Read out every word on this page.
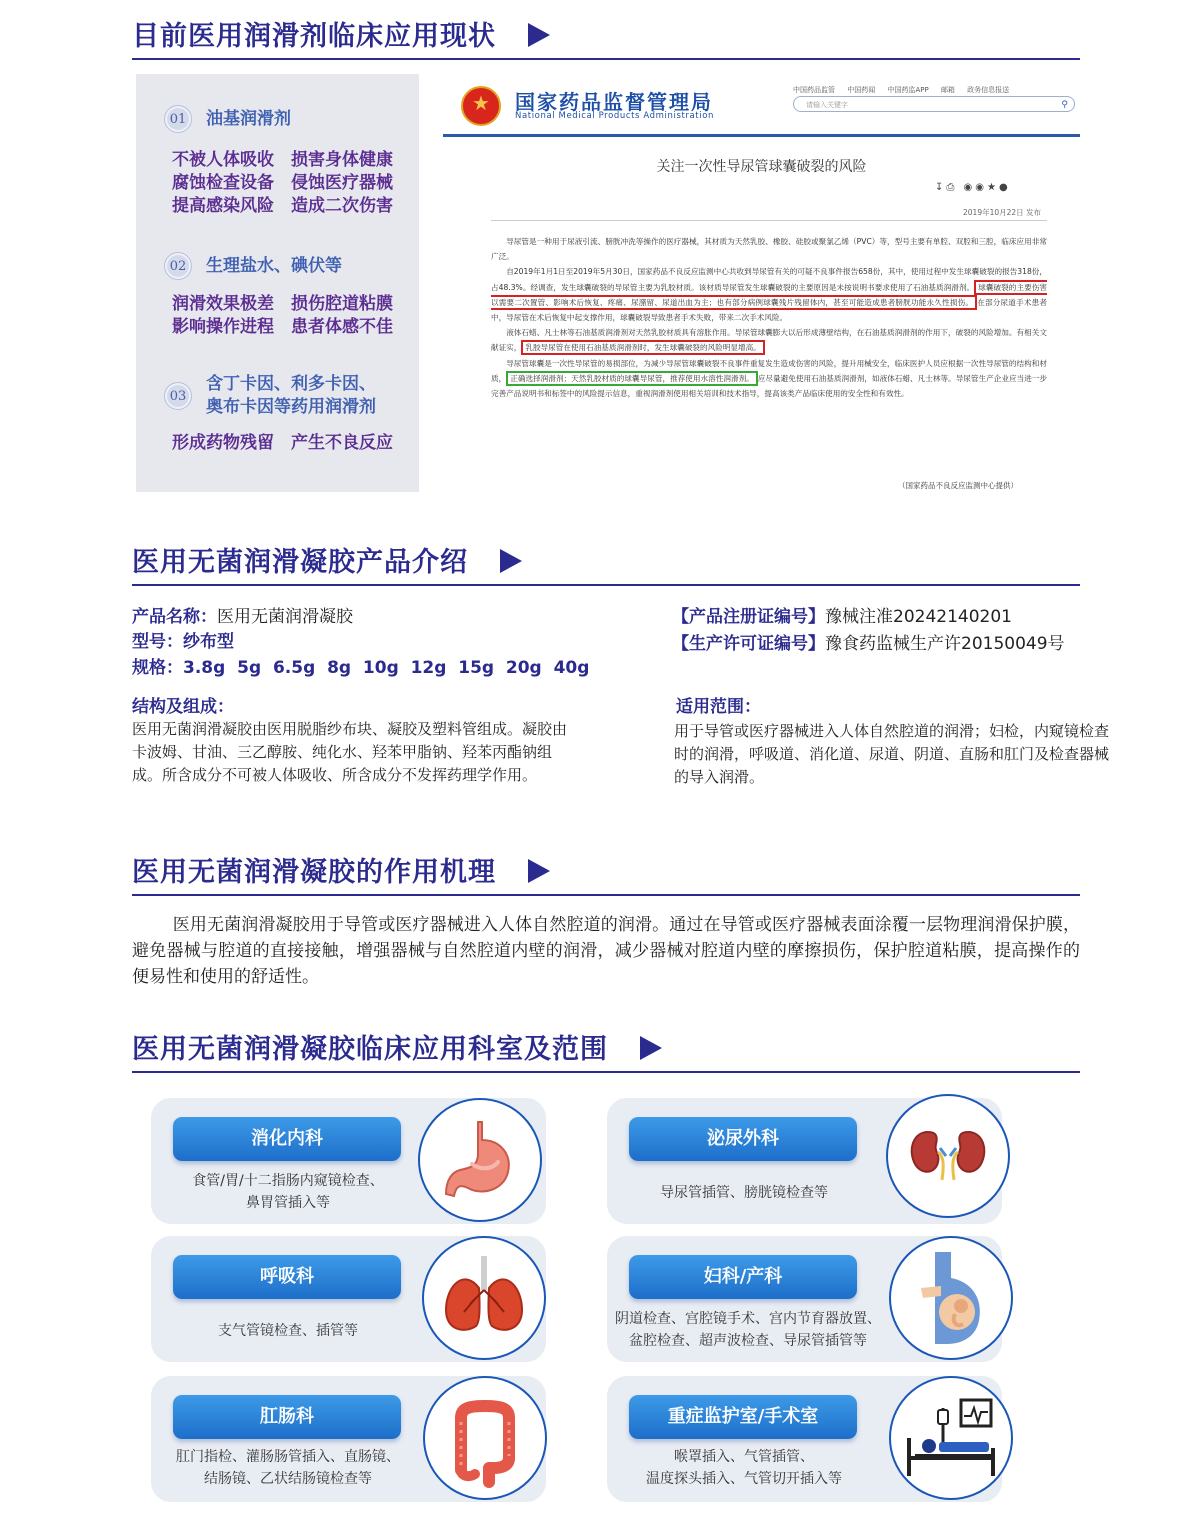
目前医用润滑剂临床应用现状
01	油基润滑剂
不被人体吸收　损害身体健康
腐蚀检查设备　侵蚀医疗器械
提高感染风险　造成二次伤害
02	生理盐水、碘伏等
润滑效果极差　损伤腔道粘膜
影响操作进程　患者体感不佳
03
含丁卡因、利多卡因、
奥布卡因等药用润滑剂
形成药物残留　产生不良反应
★
国家药品监督管理局
National Medical Products Administration
中国药品监管 中国药闻 中国药监APP 邮箱 政务信息报送
请输入关键字	⚲
关注一次性导尿管球囊破裂的风险
↧⎙ ◉◉★●
2019年10月22日 发布

导尿管是一种用于尿液引流、膀胱冲洗等操作的医疗器械，其材质为天然乳胶、橡胶、硅胶或聚氯乙烯（PVC）等，型号主要有单腔、双腔和三腔，临床应用非常广泛。

自2019年1月1日至2019年5月30日，国家药品不良反应监测中心共收到导尿管有关的可疑不良事件报告658份，其中，使用过程中发生球囊破裂的报告318份，占48.3%。经调查，发生球囊破裂的导尿管主要为乳胶材质。该材质导尿管发生球囊破裂的主要原因是未按说明书要求使用了石油基质润滑剂。 球囊破裂的主要伤害以需要二次置管、影响术后恢复、疼痛、尿潴留、尿道出血为主；也有部分病例球囊残片残留体内，甚至可能造成患者膀胱功能永久性损伤。 在部分尿道手术患者中，导尿管在术后恢复中起支撑作用，球囊破裂导致患者手术失败，带来二次手术风险。

液体石蜡、凡士林等石油基质润滑剂对天然乳胶材质具有溶胀作用。导尿管球囊膨大以后形成薄壁结构，在石油基质润滑剂的作用下，破裂的风险增加。有相关文献证实， 乳胶导尿管在使用石油基质润滑剂时，发生球囊破裂的风险明显增高。

导尿管球囊是一次性导尿管的易损部位，为减少导尿管球囊破裂不良事件重复发生造成伤害的风险，提升用械安全，临床医护人员应根据一次性导尿管的结构和材质， 正确选择润滑剂；天然乳胶材质的球囊导尿管，推荐使用水溶性润滑剂。 应尽量避免使用石油基质润滑剂，如液体石蜡、凡士林等。导尿管生产企业应当进一步完善产品说明书和标签中的风险提示信息，重视润滑剂使用相关培训和技术指导，提高该类产品临床使用的安全性和有效性。

（国家药品不良反应监测中心提供）
医用无菌润滑凝胶产品介绍
产品名称：医用无菌润滑凝胶
型号：纱布型
规格：3.8g  5g  6.5g  8g  10g  12g  15g  20g  40g
【产品注册证编号】豫械注准20242140201
【生产许可证编号】豫食药监械生产许20150049号
结构及组成：
医用无菌润滑凝胶由医用脱脂纱布块、凝胶及塑料管组成。凝胶由卡波姆、甘油、三乙醇胺、纯化水、羟苯甲脂钠、羟苯丙酯钠组成。所含成分不可被人体吸收、所含成分不发挥药理学作用。
适用范围：
用于导管或医疗器械进入人体自然腔道的润滑；妇检，内窥镜检查时的润滑，呼吸道、消化道、尿道、阴道、直肠和肛门及检查器械的导入润滑。
医用无菌润滑凝胶的作用机理
医用无菌润滑凝胶用于导管或医疗器械进入人体自然腔道的润滑。通过在导管或医疗器械表面涂覆一层物理润滑保护膜，避免器械与腔道的直接接触，增强器械与自然腔道内壁的润滑，减少器械对腔道内壁的摩擦损伤，保护腔道粘膜，提高操作的便易性和使用的舒适性。
医用无菌润滑凝胶临床应用科室及范围
消化内科
食管/胃/十二指肠内窥镜检查、
鼻胃管插入等
泌尿外科
导尿管插管、膀胱镜检查等
呼吸科
支气管镜检查、插管等
妇科/产科
阴道检查、宫腔镜手术、宫内节育器放置、
盆腔检查、超声波检查、导尿管插管等
肛肠科
肛门指检、灌肠肠管插入、直肠镜、
结肠镜、乙状结肠镜检查等
重症监护室/手术室
喉罩插入、气管插管、
温度探头插入、气管切开插入等
